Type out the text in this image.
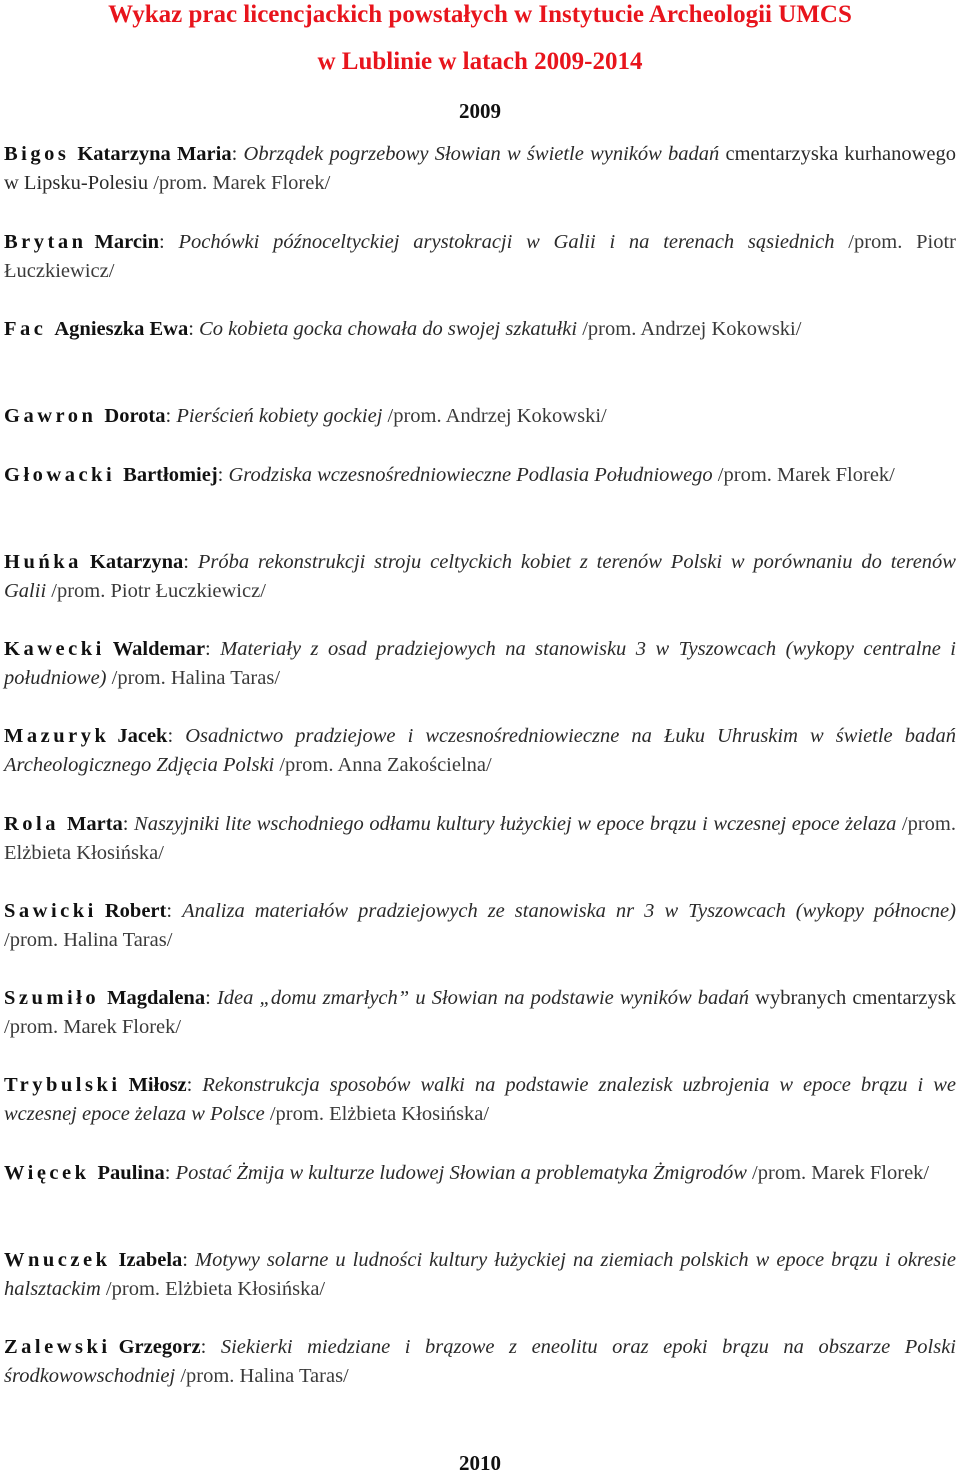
Wykaz prac licencjackich powstałych w Instytucie Archeologii UMCS
w Lublinie w latach 2009-2014
2009
Bigos Katarzyna Maria: Obrządek pogrzebowy Słowian w świetle wyników badań cmentarzyska kurhanowego w Lipsku-Polesiu /prom. Marek Florek/
Brytan Marcin: Pochówki późnoceltyckiej arystokracji w Galii i na terenach sąsiednich /prom. Piotr Łuczkiewicz/
Fac Agnieszka Ewa: Co kobieta gocka chowała do swojej szkatułki /prom. Andrzej Kokowski/
Gawron Dorota: Pierścień kobiety gockiej /prom. Andrzej Kokowski/
Głowacki Bartłomiej: Grodziska wczesnośredniowieczne Podlasia Południowego /prom. Marek Florek/
Huńka Katarzyna: Próba rekonstrukcji stroju celtyckich kobiet z terenów Polski w porównaniu do terenów Galii /prom. Piotr Łuczkiewicz/
Kawecki Waldemar: Materiały z osad pradziejowych na stanowisku 3 w Tyszowcach (wykopy centralne i południowe) /prom. Halina Taras/
Mazuryk Jacek: Osadnictwo pradziejowe i wczesnośredniowieczne na Łuku Uhruskim w świetle badań Archeologicznego Zdjęcia Polski /prom. Anna Zakościelna/
Rola Marta: Naszyjniki lite wschodniego odłamu kultury łużyckiej w epoce brązu i wczesnej epoce żelaza /prom. Elżbieta Kłosińska/
Sawicki Robert: Analiza materiałów pradziejowych ze stanowiska nr 3 w Tyszowcach (wykopy północne) /prom. Halina Taras/
Szumiło Magdalena: Idea „domu zmarłych” u Słowian na podstawie wyników badań wybranych cmentarzysk /prom. Marek Florek/
Trybulski Miłosz: Rekonstrukcja sposobów walki na podstawie znalezisk uzbrojenia w epoce brązu i we wczesnej epoce żelaza w Polsce /prom. Elżbieta Kłosińska/
Więcek Paulina: Postać Żmija w kulturze ludowej Słowian a problematyka Żmigrodów /prom. Marek Florek/
Wnuczek Izabela: Motywy solarne u ludności kultury łużyckiej na ziemiach polskich w epoce brązu i okresie halsztackim /prom. Elżbieta Kłosińska/
Zalewski Grzegorz: Siekierki miedziane i brązowe z eneolitu oraz epoki brązu na obszarze Polski środkowowschodniej /prom. Halina Taras/
2010
